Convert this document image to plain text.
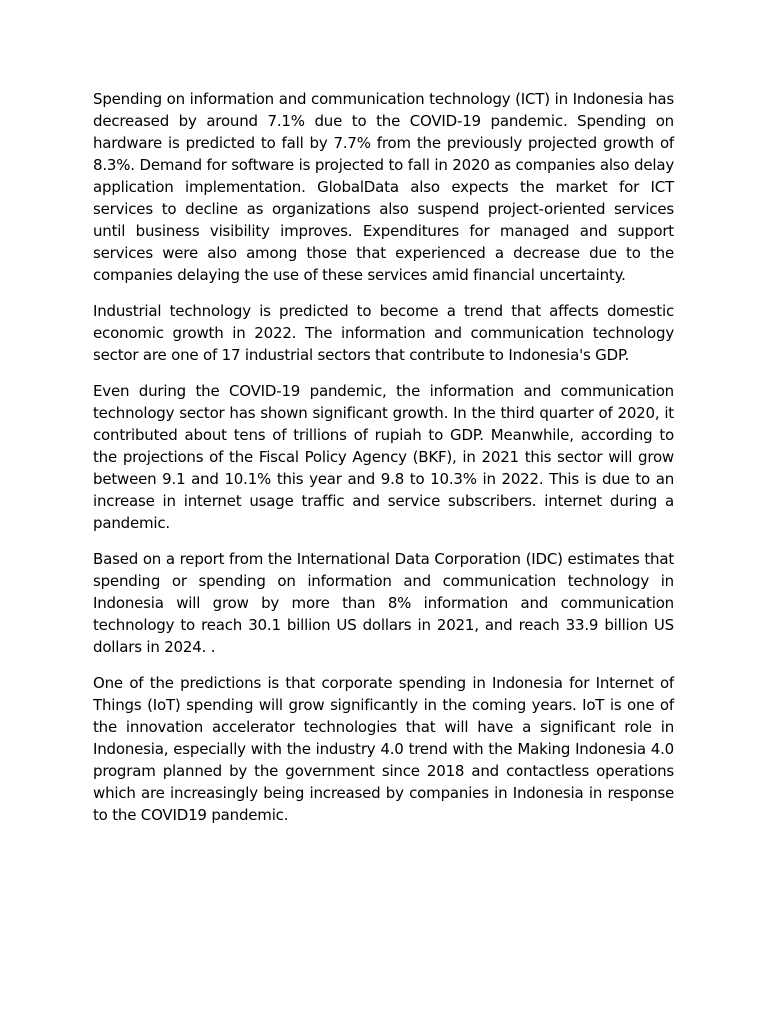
Spending on information and communication technology (ICT) in Indonesia has decreased by around 7.1% due to the COVID-19 pandemic. Spending on hardware is predicted to fall by 7.7% from the previously projected growth of 8.3%. Demand for software is projected to fall in 2020 as companies also delay application implementation. GlobalData also expects the market for ICT services to decline as organizations also suspend project-oriented services until business visibility improves. Expenditures for managed and support services were also among those that experienced a decrease due to the companies delaying the use of these services amid financial uncertainty.

Industrial technology is predicted to become a trend that affects domestic economic growth in 2022. The information and communication technology sector are one of 17 industrial sectors that contribute to Indonesia's GDP.

Even during the COVID-19 pandemic, the information and communication technology sector has shown significant growth. In the third quarter of 2020, it contributed about tens of trillions of rupiah to GDP. Meanwhile, according to the projections of the Fiscal Policy Agency (BKF), in 2021 this sector will grow between 9.1 and 10.1% this year and 9.8 to 10.3% in 2022. This is due to an increase in internet usage traffic and service subscribers. internet during a pandemic.

Based on a report from the International Data Corporation (IDC) estimates that spending or spending on information and communication technology in Indonesia will grow by more than 8% information and communication technology to reach 30.1 billion US dollars in 2021, and reach 33.9 billion US dollars in 2024. .

One of the predictions is that corporate spending in Indonesia for Internet of Things (IoT) spending will grow significantly in the coming years. IoT is one of the innovation accelerator technologies that will have a significant role in Indonesia, especially with the industry 4.0 trend with the Making Indonesia 4.0 program planned by the government since 2018 and contactless operations which are increasingly being increased by companies in Indonesia in response to the COVID19 pandemic.
